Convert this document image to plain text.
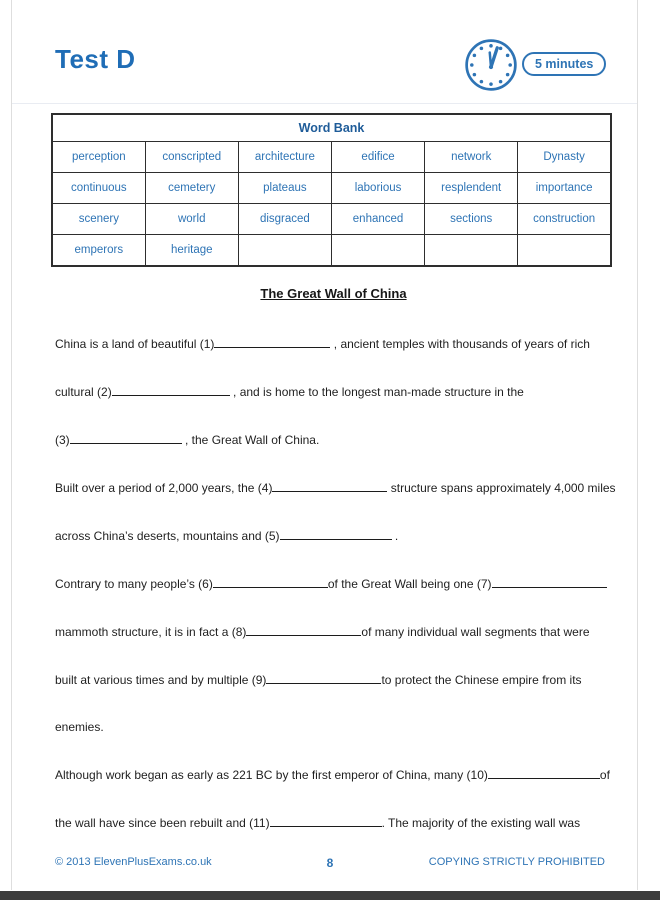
Test D	5 minutes
Word Bank					
perception	conscripted	architecture	edifice	network	Dynasty
continuous	cemetery	plateaus	laborious	resplendent	importance
scenery	world	disgraced	enhanced	sections	construction
emperors	heritage				
The Great Wall of China

China is a land of beautiful (1)	, ancient temples with thousands of years of rich

cultural (2)	, and is home to the longest man-made structure in the

(3)	, the Great Wall of China.

Built over a period of 2,000 years, the (4)	structure spans approximately 4,000 miles

across China’s deserts, mountains and (5)	.

Contrary to many people’s (6)	of the Great Wall being one (7)

mammoth structure, it is in fact a (8)	of many individual wall segments that were

built at various times and by multiple (9)	to protect the Chinese empire from its

enemies.

Although work began as early as 221 BC by the first emperor of China, many (10)	of

the wall have since been rebuilt and (11)	. The majority of the existing wall was

© 2013 ElevenPlusExams.co.uk	8	COPYING STRICTLY PROHIBITED
